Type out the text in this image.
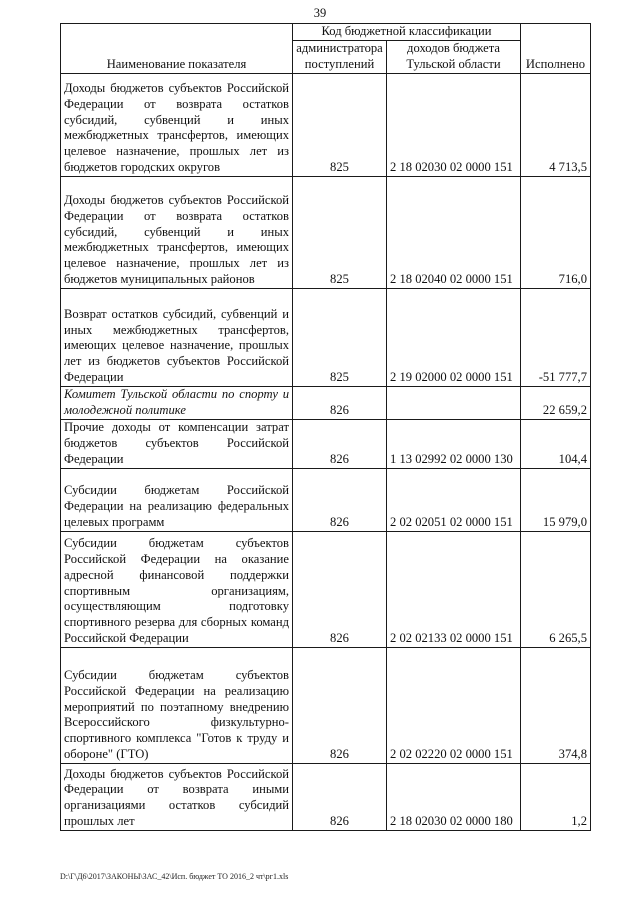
39
Наименование показателя	Код бюджетной классификации		Исполнено
	администратора поступлений	доходов бюджета Тульской области	
Доходы бюджетов субъектов Российской Федерации от возврата остатков субсидий, субвенций и иных межбюджетных трансфертов, имеющих целевое назначение, прошлых лет из бюджетов городских округов	825	2 18 02030 02 0000 151	4 713,5
Доходы бюджетов субъектов Российской Федерации от возврата остатков субсидий, субвенций и иных межбюджетных трансфертов, имеющих целевое назначение, прошлых лет из бюджетов муниципальных районов	825	2 18 02040 02 0000 151	716,0
Возврат остатков субсидий, субвенций и иных межбюджетных трансфертов, имеющих целевое назначение, прошлых лет из бюджетов субъектов Российской Федерации	825	2 19 02000 02 0000 151	-51 777,7
Комитет Тульской области по спорту и молодежной политике	826		22 659,2
Прочие доходы от компенсации затрат бюджетов субъектов Российской Федерации	826	1 13 02992 02 0000 130	104,4
Субсидии бюджетам Российской Федерации на реализацию федеральных целевых программ	826	2 02 02051 02 0000 151	15 979,0
Субсидии бюджетам субъектов Российской Федерации на оказание адресной финансовой поддержки спортивным организациям, осуществляющим подготовку спортивного резерва для сборных команд Российской Федерации	826	2 02 02133 02 0000 151	6 265,5
Субсидии бюджетам субъектов Российской Федерации на реализацию мероприятий по поэтапному внедрению Всероссийского физкультурно-спортивного комплекса "Готов к труду и обороне" (ГТО)	826	2 02 02220 02 0000 151	374,8
Доходы бюджетов субъектов Российской Федерации от возврата иными организациями остатков субсидий прошлых лет	826	2 18 02030 02 0000 180	1,2
D:\Г\Д6\2017\ЗАКОНЫ\ЗАС_42\Исп. бюджет ТО 2016_2 чт\рг1.xls
